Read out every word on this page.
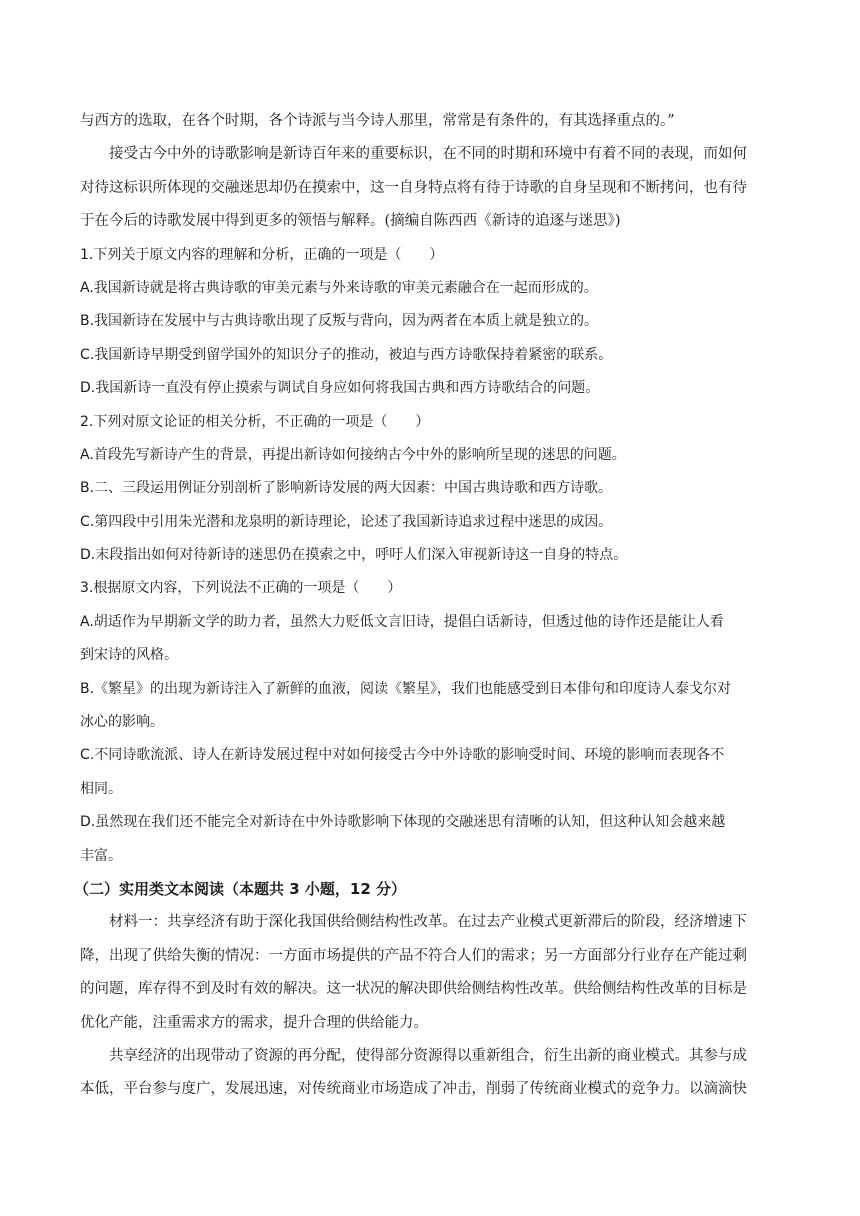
与西方的选取，在各个时期，各个诗派与当今诗人那里，常常是有条件的，有其选择重点的。”
接受古今中外的诗歌影响是新诗百年来的重要标识，在不同的时期和环境中有着不同的表现，而如何
对待这标识所体现的交融迷思却仍在摸索中，这一自身特点将有待于诗歌的自身呈现和不断拷问，也有待
于在今后的诗歌发展中得到更多的领悟与解释。(摘编自陈西西《新诗的追逐与迷思》)
1.下列关于原文内容的理解和分析，正确的一项是（　　）
A.我国新诗就是将古典诗歌的审美元素与外来诗歌的审美元素融合在一起而形成的。
B.我国新诗在发展中与古典诗歌出现了反叛与背向，因为两者在本质上就是独立的。
C.我国新诗早期受到留学国外的知识分子的推动，被迫与西方诗歌保持着紧密的联系。
D.我国新诗一直没有停止摸索与调试自身应如何将我国古典和西方诗歌结合的问题。
2.下列对原文论证的相关分析，不正确的一项是（　　）
A.首段先写新诗产生的背景，再提出新诗如何接纳古今中外的影响所呈现的迷思的问题。
B.二、三段运用例证分别剖析了影响新诗发展的两大因素：中国古典诗歌和西方诗歌。
C.第四段中引用朱光潜和龙泉明的新诗理论，论述了我国新诗追求过程中迷思的成因。
D.末段指出如何对待新诗的迷思仍在摸索之中，呼吁人们深入审视新诗这一自身的特点。
3.根据原文内容，下列说法不正确的一项是（　　）
A.胡适作为早期新文学的助力者，虽然大力贬低文言旧诗，提倡白话新诗，但透过他的诗作还是能让人看
到宋诗的风格。
B.《繁星》的出现为新诗注入了新鲜的血液，阅读《繁星》，我们也能感受到日本俳句和印度诗人泰戈尔对
冰心的影响。
C.不同诗歌流派、诗人在新诗发展过程中对如何接受古今中外诗歌的影响受时间、环境的影响而表现各不
相同。
D.虽然现在我们还不能完全对新诗在中外诗歌影响下体现的交融迷思有清晰的认知，但这种认知会越来越
丰富。
（二）实用类文本阅读（本题共 3 小题，12 分）
材料一：共享经济有助于深化我国供给侧结构性改革。在过去产业模式更新滞后的阶段，经济增速下
降，出现了供给失衡的情况：一方面市场提供的产品不符合人们的需求；另一方面部分行业存在产能过剩
的问题，库存得不到及时有效的解决。这一状况的解决即供给侧结构性改革。供给侧结构性改革的目标是
优化产能，注重需求方的需求，提升合理的供给能力。
共享经济的出现带动了资源的再分配，使得部分资源得以重新组合，衍生出新的商业模式。其参与成
本低，平台参与度广，发展迅速，对传统商业市场造成了冲击，削弱了传统商业模式的竞争力。以滴滴快
